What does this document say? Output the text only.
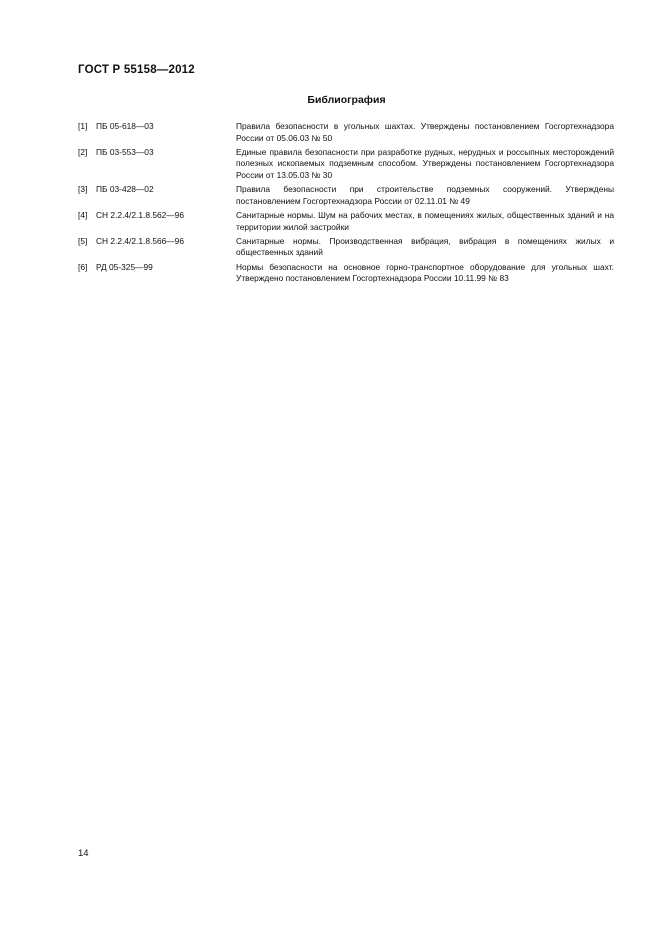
ГОСТ Р 55158—2012
Библиография
[1] ПБ 05-618—03	Правила безопасности в угольных шахтах. Утверждены постановлением Госгортехнадзора России от 05.06.03 № 50
[2] ПБ 03-553—03	Единые правила безопасности при разработке рудных, нерудных и россыпных месторождений полезных ископаемых подземным способом. Утверждены постановлением Госгортехнадзора России от 13.05.03 № 30
[3] ПБ 03-428—02	Правила безопасности при строительстве подземных сооружений. Утверждены постановлением Госгортехнадзора России от 02.11.01 № 49
[4] СН 2.2.4/2.1.8.562—96	Санитарные нормы. Шум на рабочих местах, в помещениях жилых, общественных зданий и на территории жилой застройки
[5] СН 2.2.4/2.1.8.566—96	Санитарные нормы. Производственная вибрация, вибрация в помещениях жилых и общественных зданий
[6] РД 05-325—99	Нормы безопасности на основное горно-транспортное оборудование для угольных шахт. Утверждено постановлением Госгортехнадзора России 10.11.99 № 83
14
